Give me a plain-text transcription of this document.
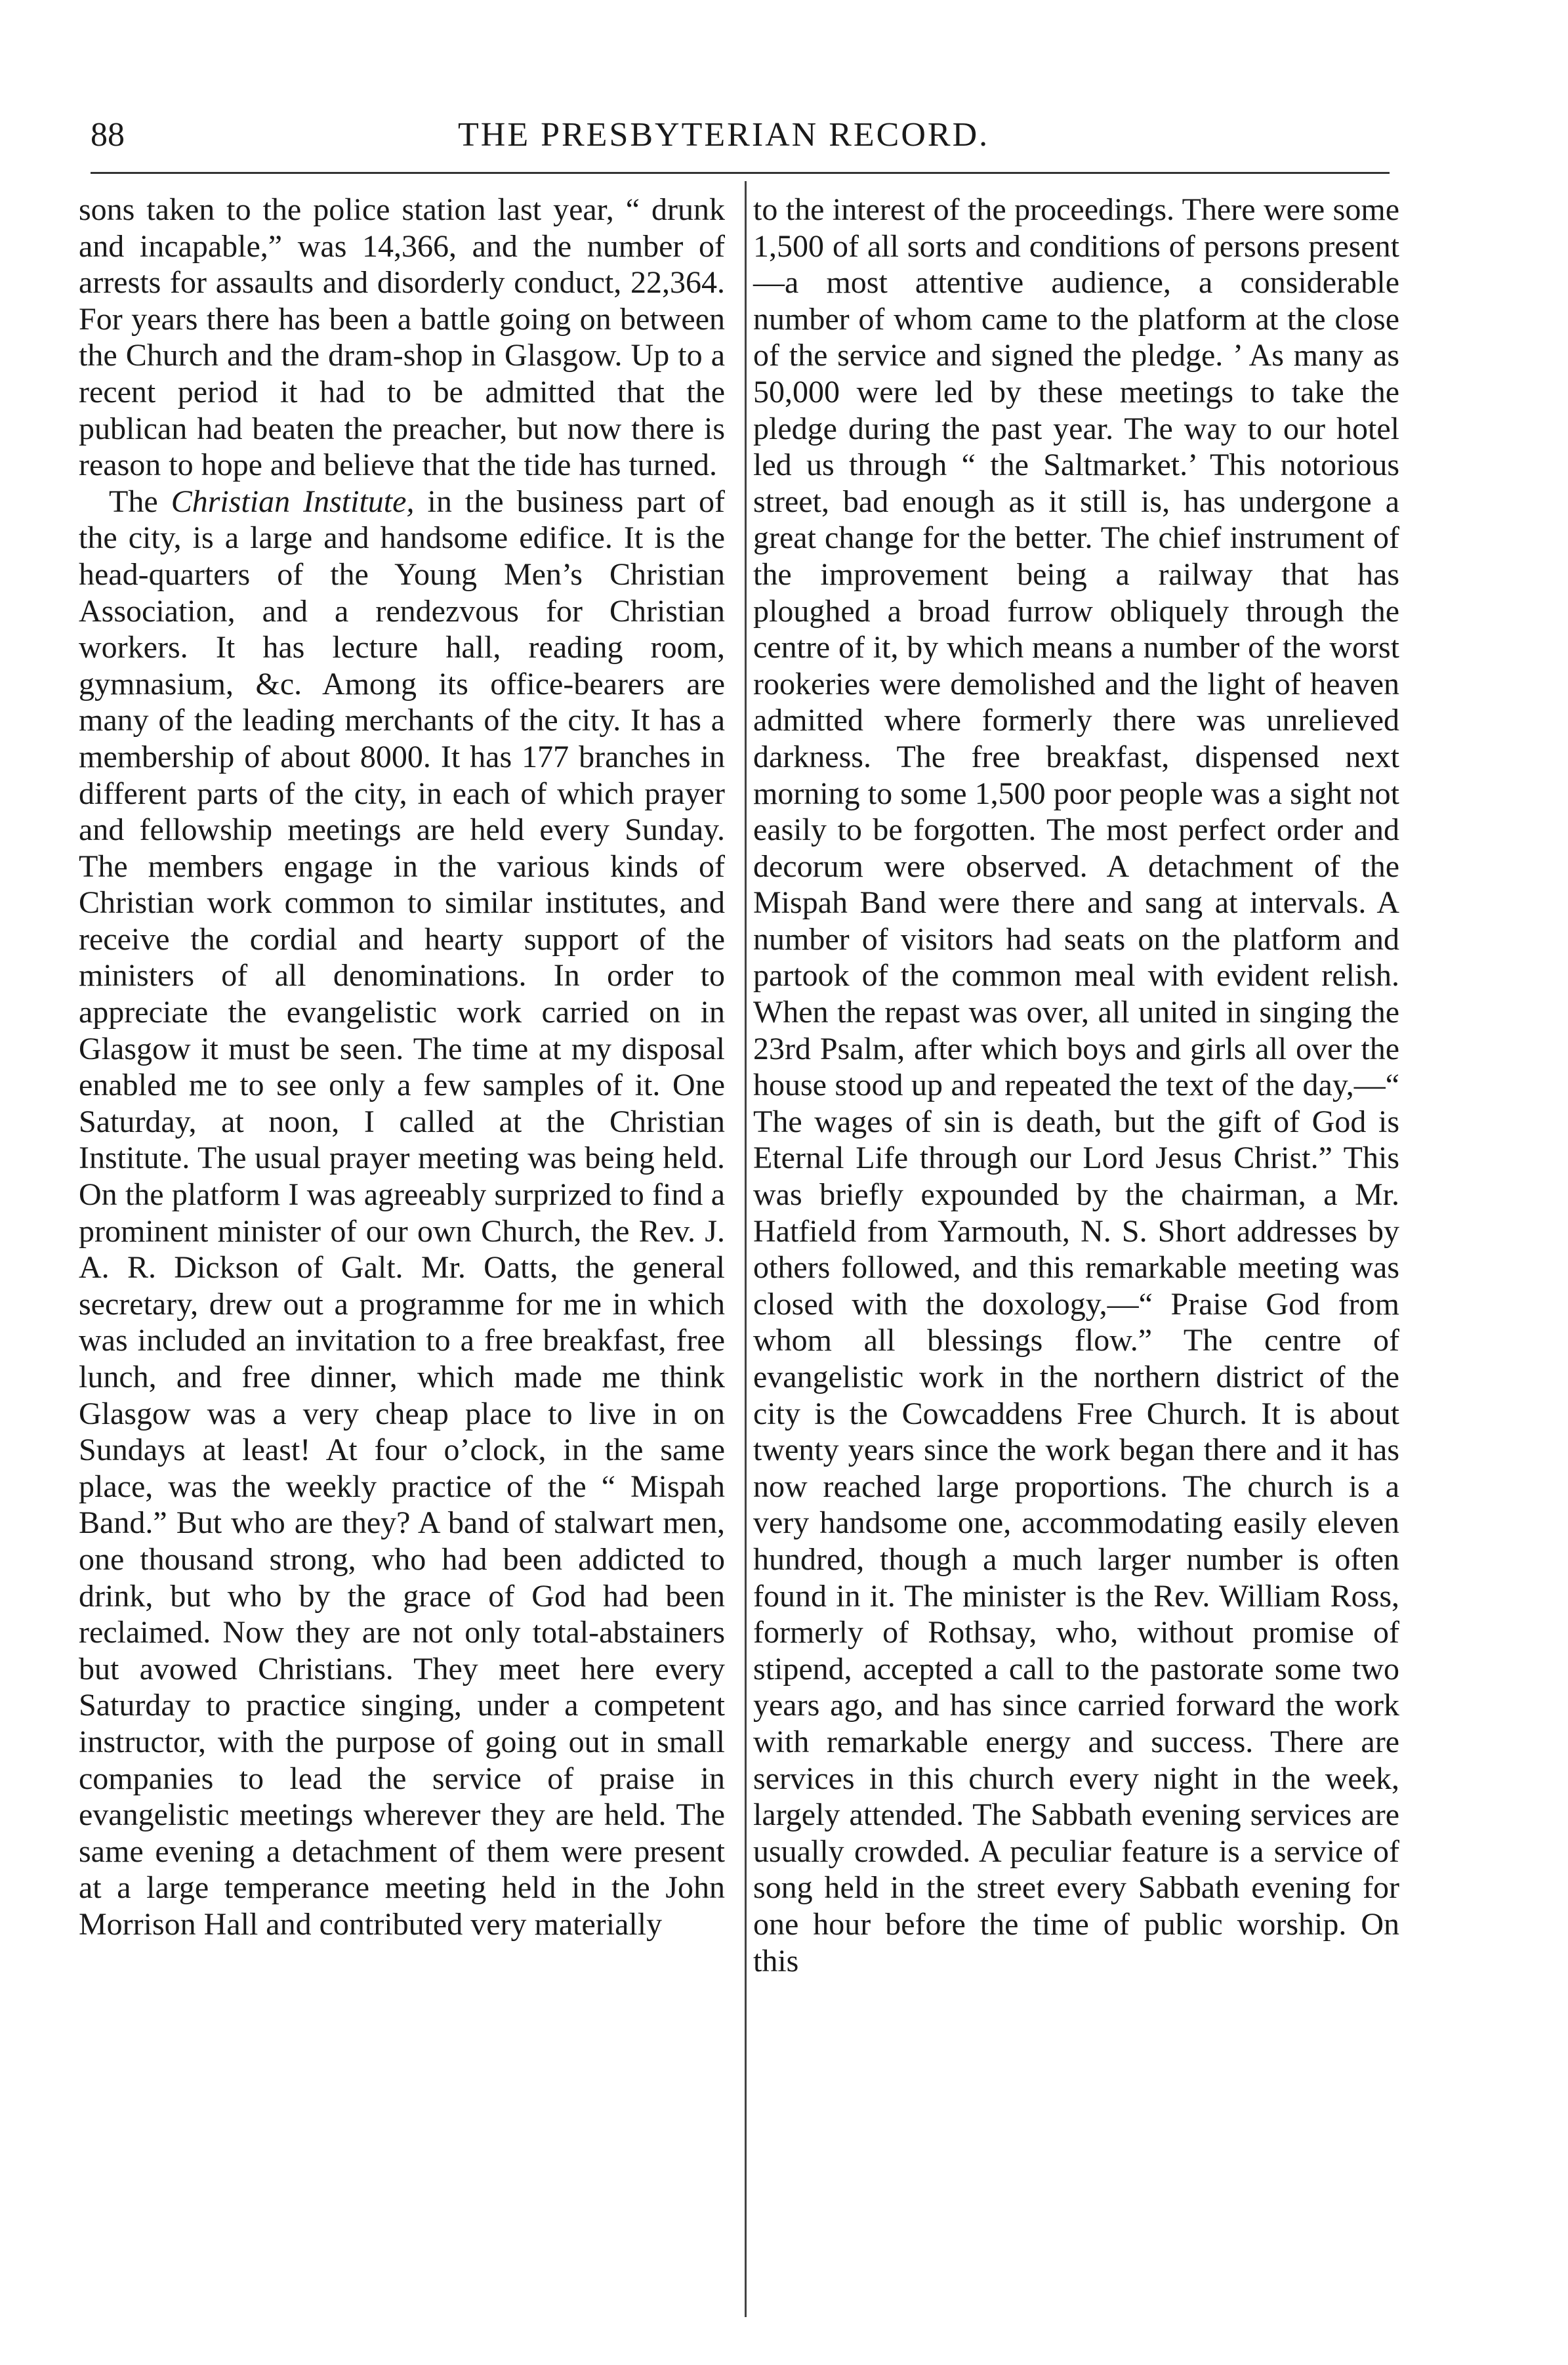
88	THE PRESBYTERIAN RECORD.

sons taken to the police station last year, “ drunk and incapable,” was 14,366, and the number of arrests for assaults and disorderly conduct, 22,364. For years there has been a battle going on between the Church and the dram-shop in Glasgow. Up to a recent period it had to be admitted that the publican had beaten the preacher, but now there is reason to hope and believe that the tide has turned.

The Christian Institute, in the business part of the city, is a large and handsome edifice. It is the head-quarters of the Young Men’s Christian Association, and a rendezvous for Christian workers. It has lecture hall, reading room, gymnasium, &c. Among its office-bearers are many of the leading merchants of the city. It has a membership of about 8000. It has 177 branches in different parts of the city, in each of which prayer and fellowship meetings are held every Sunday. The members engage in the various kinds of Christian work common to similar institutes, and receive the cordial and hearty support of the ministers of all denominations. In order to appreciate the evangelistic work carried on in Glasgow it must be seen. The time at my disposal enabled me to see only a few samples of it. One Saturday, at noon, I called at the Christian Institute. The usual prayer meeting was being held. On the platform I was agreeably surprized to find a prominent minister of our own Church, the Rev. J. A. R. Dickson of Galt. Mr. Oatts, the general secretary, drew out a programme for me in which was included an invitation to a free breakfast, free lunch, and free dinner, which made me think Glasgow was a very cheap place to live in on Sundays at least! At four o’clock, in the same place, was the weekly practice of the “ Mispah Band.” But who are they? A band of stalwart men, one thousand strong, who had been addicted to drink, but who by the grace of God had been reclaimed. Now they are not only total-abstainers but avowed Christians. They meet here every Saturday to practice singing, under a competent instructor, with the purpose of going out in small companies to lead the service of praise in evangelistic meetings wherever they are held. The same evening a detachment of them were present at a large temperance meeting held in the John Morrison Hall and contributed very materially

to the interest of the proceedings. There were some 1,500 of all sorts and conditions of persons present—a most attentive audience, a considerable number of whom came to the platform at the close of the service and signed the pledge. ’ As many as 50,000 were led by these meetings to take the pledge during the past year. The way to our hotel led us through “ the Saltmarket.’ This notorious street, bad enough as it still is, has undergone a great change for the better. The chief instrument of the improvement being a railway that has ploughed a broad furrow obliquely through the centre of it, by which means a number of the worst rookeries were demolished and the light of heaven admitted where formerly there was unrelieved darkness. The free breakfast, dispensed next morning to some 1,500 poor people was a sight not easily to be forgotten. The most perfect order and decorum were observed. A detachment of the Mispah Band were there and sang at intervals. A number of visitors had seats on the platform and partook of the common meal with evident relish. When the repast was over, all united in singing the 23rd Psalm, after which boys and girls all over the house stood up and repeated the text of the day,—“ The wages of sin is death, but the gift of God is Eternal Life through our Lord Jesus Christ.” This was briefly expounded by the chairman, a Mr. Hatfield from Yarmouth, N. S. Short addresses by others followed, and this remarkable meeting was closed with the doxology,—“ Praise God from whom all blessings flow.” The centre of evangelistic work in the northern district of the city is the Cowcaddens Free Church. It is about twenty years since the work began there and it has now reached large proportions. The church is a very handsome one, accommodating easily eleven hundred, though a much larger number is often found in it. The minister is the Rev. William Ross, formerly of Rothsay, who, without promise of stipend, accepted a call to the pastorate some two years ago, and has since carried forward the work with remarkable energy and success. There are services in this church every night in the week, largely attended. The Sabbath evening services are usually crowded. A peculiar feature is a service of song held in the street every Sabbath evening for one hour before the time of public worship. On this
